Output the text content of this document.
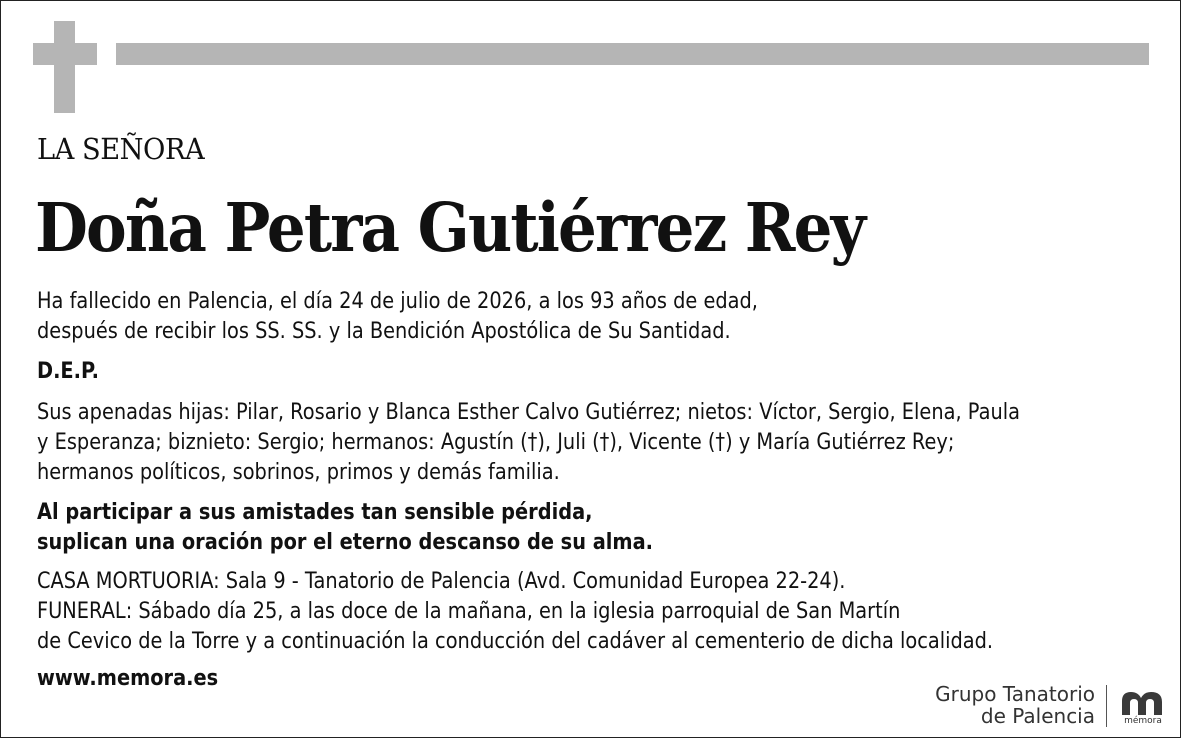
LA SEÑORA
Doña Petra Gutiérrez Rey
Ha fallecido en Palencia, el día 24 de julio de 2026, a los 93 años de edad,
después de recibir los SS. SS. y la Bendición Apostólica de Su Santidad.
D.E.P.
Sus apenadas hijas: Pilar, Rosario y Blanca Esther Calvo Gutiérrez; nietos: Víctor, Sergio, Elena, Paula
y Esperanza; biznieto: Sergio; hermanos: Agustín (†), Juli (†), Vicente (†) y María Gutiérrez Rey;
hermanos políticos, sobrinos, primos y demás familia.
Al participar a sus amistades tan sensible pérdida,
suplican una oración por el eterno descanso de su alma.
CASA MORTUORIA: Sala 9 - Tanatorio de Palencia (Avd. Comunidad Europea 22-24).
FUNERAL: Sábado día 25, a las doce de la mañana, en la iglesia parroquial de San Martín
de Cevico de la Torre y a continuación la conducción del cadáver al cementerio de dicha localidad.
www.memora.es
Grupo Tanatorio
de Palencia	mémora
